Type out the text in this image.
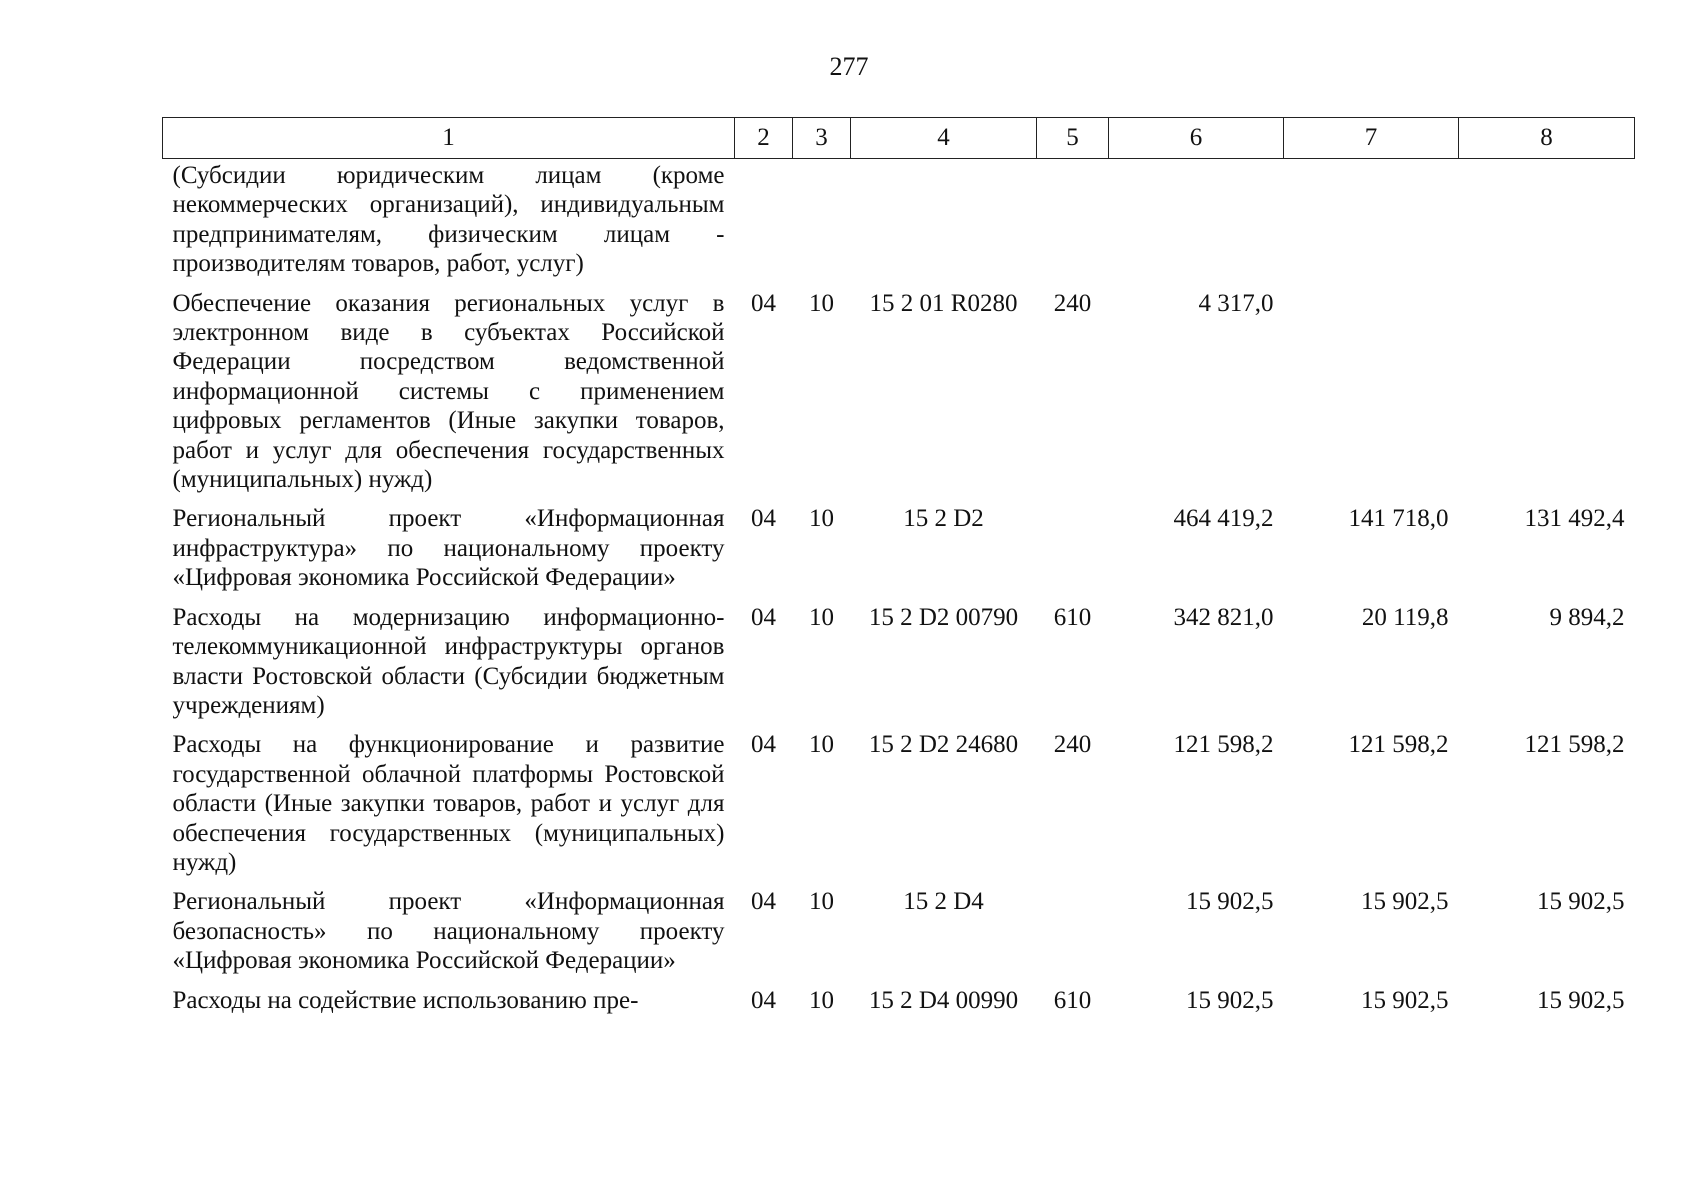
277
1	2	3	4	5	6	7	8
(Субсидии юридическим лицам (кроме некоммерческих организаций), индивидуальным предпринимателям, физическим лицам - производителям товаров, работ, услуг)							
Обеспечение оказания региональных услуг в электронном виде в субъектах Российской Федерации посредством ведомственной информационной системы с применением цифровых регламентов (Иные закупки товаров, работ и услуг для обеспечения государственных (муниципальных) нужд)	04	10	15 2 01 R0280	240	4 317,0		
Региональный проект «Информационная инфраструктура» по национальному проекту «Цифровая экономика Российской Федерации»	04	10	15 2 D2		464 419,2	141 718,0	131 492,4
Расходы на модернизацию информационно-телекоммуникационной инфраструктуры органов власти Ростовской области (Субсидии бюджетным учреждениям)	04	10	15 2 D2 00790	610	342 821,0	20 119,8	9 894,2
Расходы на функционирование и развитие государственной облачной платформы Ростовской области (Иные закупки товаров, работ и услуг для обеспечения государственных (муниципальных) нужд)	04	10	15 2 D2 24680	240	121 598,2	121 598,2	121 598,2
Региональный проект «Информационная безопасность» по национальному проекту «Цифровая экономика Российской Федерации»	04	10	15 2 D4		15 902,5	15 902,5	15 902,5
Расходы на содействие использованию пре-	04	10	15 2 D4 00990	610	15 902,5	15 902,5	15 902,5
